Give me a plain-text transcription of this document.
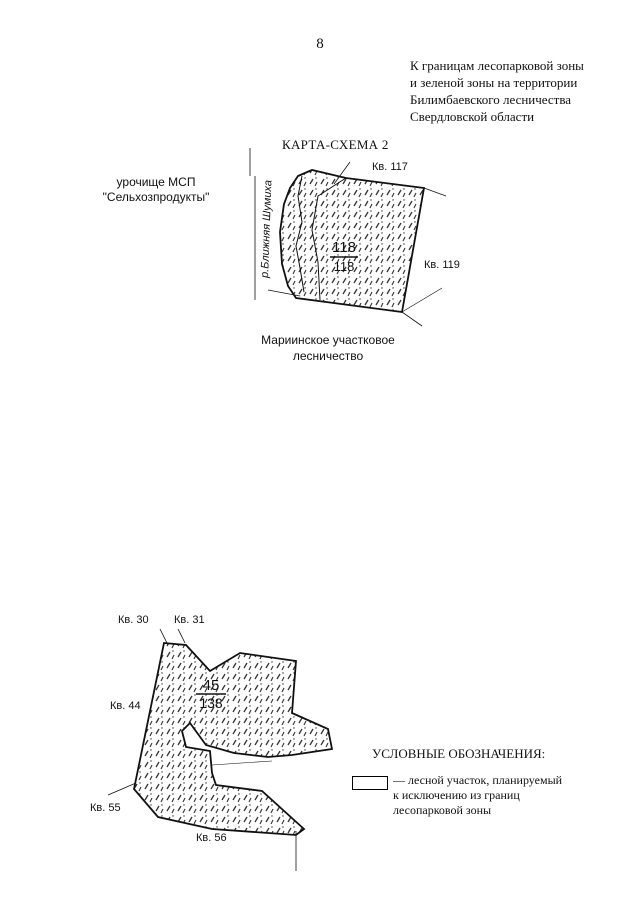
8
К границам лесопарковой зоны
и зеленой зоны на территории
Билимбаевского лесничества
Свердловской области
КАРТА-СХЕМА 2
118
118
Кв. 117
Кв. 119
р.Ближняя Шумиха
урочище МСП
"Сельхозпродукты"
Мариинское участковое
лесничество
45
138
Кв. 30 Кв. 31
Кв. 44
Кв. 55
Кв. 56
УСЛОВНЫЕ ОБОЗНАЧЕНИЯ:
— лесной участок, планируемый
к исключению из границ
лесопарковой зоны
